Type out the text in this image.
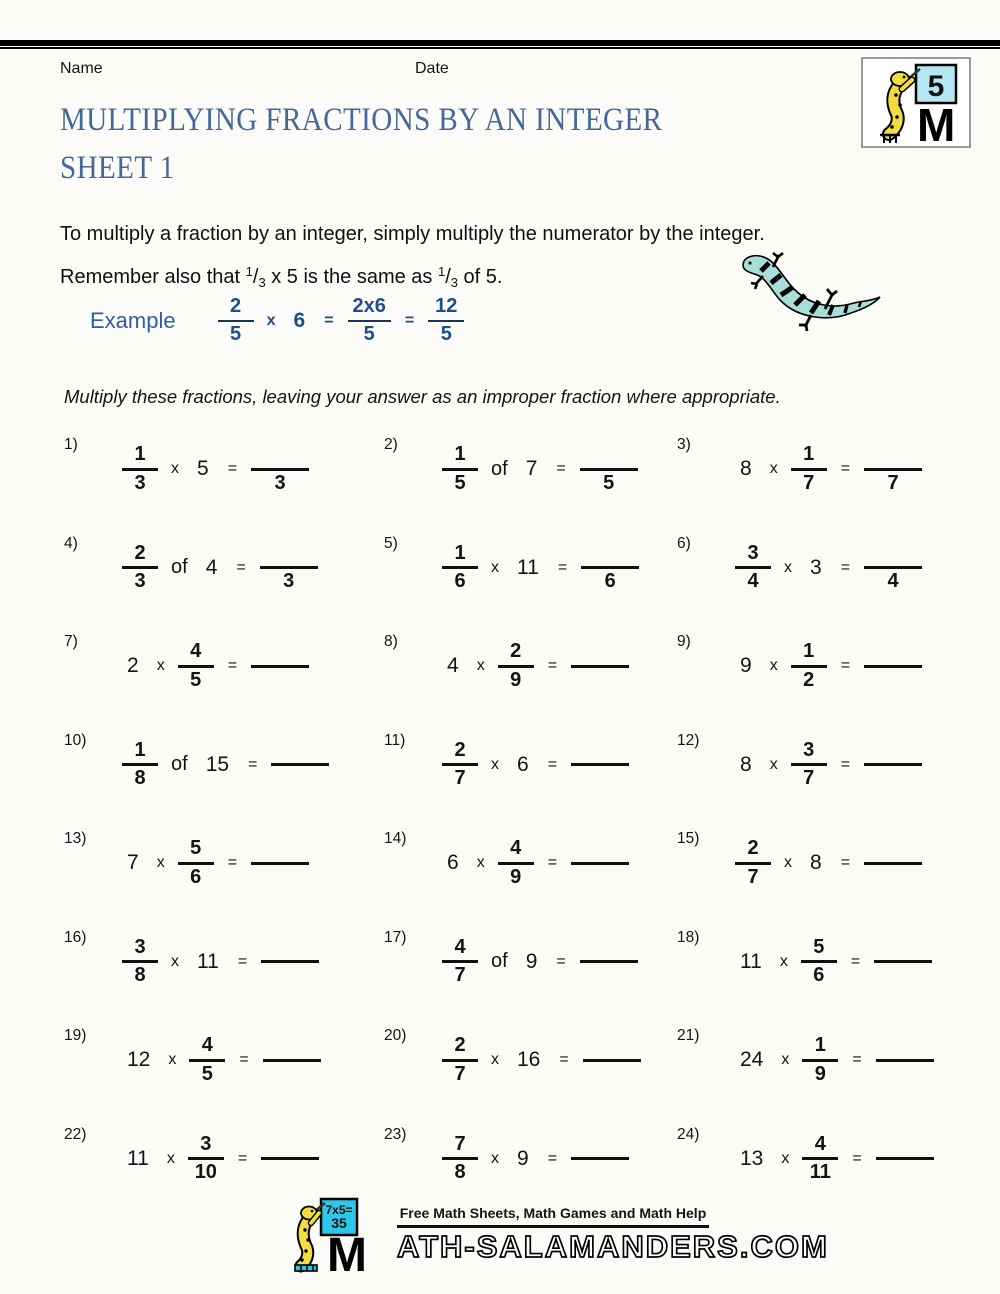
Name	Date
5
M
MULTIPLYING FRACTIONS BY AN INTEGER
SHEET 1
To multiply a fraction by an integer, simply multiply the numerator by the integer.
Remember also that $^1/_3$ x 5 is the same as $^1/_3$ of 5.
Example $\frac{2}{5}$ x $6 = \frac{2x6}{5} = \frac{12}{5}$
Multiply these fractions, leaving your answer as an improper fraction where appropriate.
$1) \frac{1}{3}$ x 5 =
3
$2) \frac{1}{5}$ of 7 =
5
3)
8 x $\frac{1}{7}$ =
7
$4) \frac{2}{3}$ of 4 =
3
$5) \frac{1}{6}$ x 11 =
6
$6) \frac{3}{4}$ x 3 =
4
7)
2 x $\frac{4}{5}$ =
8)
4 x $\frac{2}{9}$ =
9)
9 x $\frac{1}{2}$ =
$10) \frac{1}{8}$ of 15 =
$11) \frac{2}{7}$ x 6 =
12)
8 x $\frac{3}{7}$ =
13)
7 x $\frac{5}{6}$ =
14)
6 x $\frac{4}{9}$ =
$15) \frac{2}{7}$ x 8 =
$16) \frac{3}{8}$ x 11 =
$17) \frac{4}{7}$ of 9 =
18)
11 x $\frac{5}{6}$ =
19)
12 x $\frac{4}{5}$ =
$20) \frac{2}{7}$ x 16 =
21)
24 x $\frac{1}{9}$ =
22)
11 x $\frac{3}{10}$ =
$23) \frac{7}{8}$ x 9 =
24)
13 x $\frac{4}{11}$ =
7x5=
35
M
Free Math Sheets, Math Games and Math Help
ATH-SALAMANDERS.COM
